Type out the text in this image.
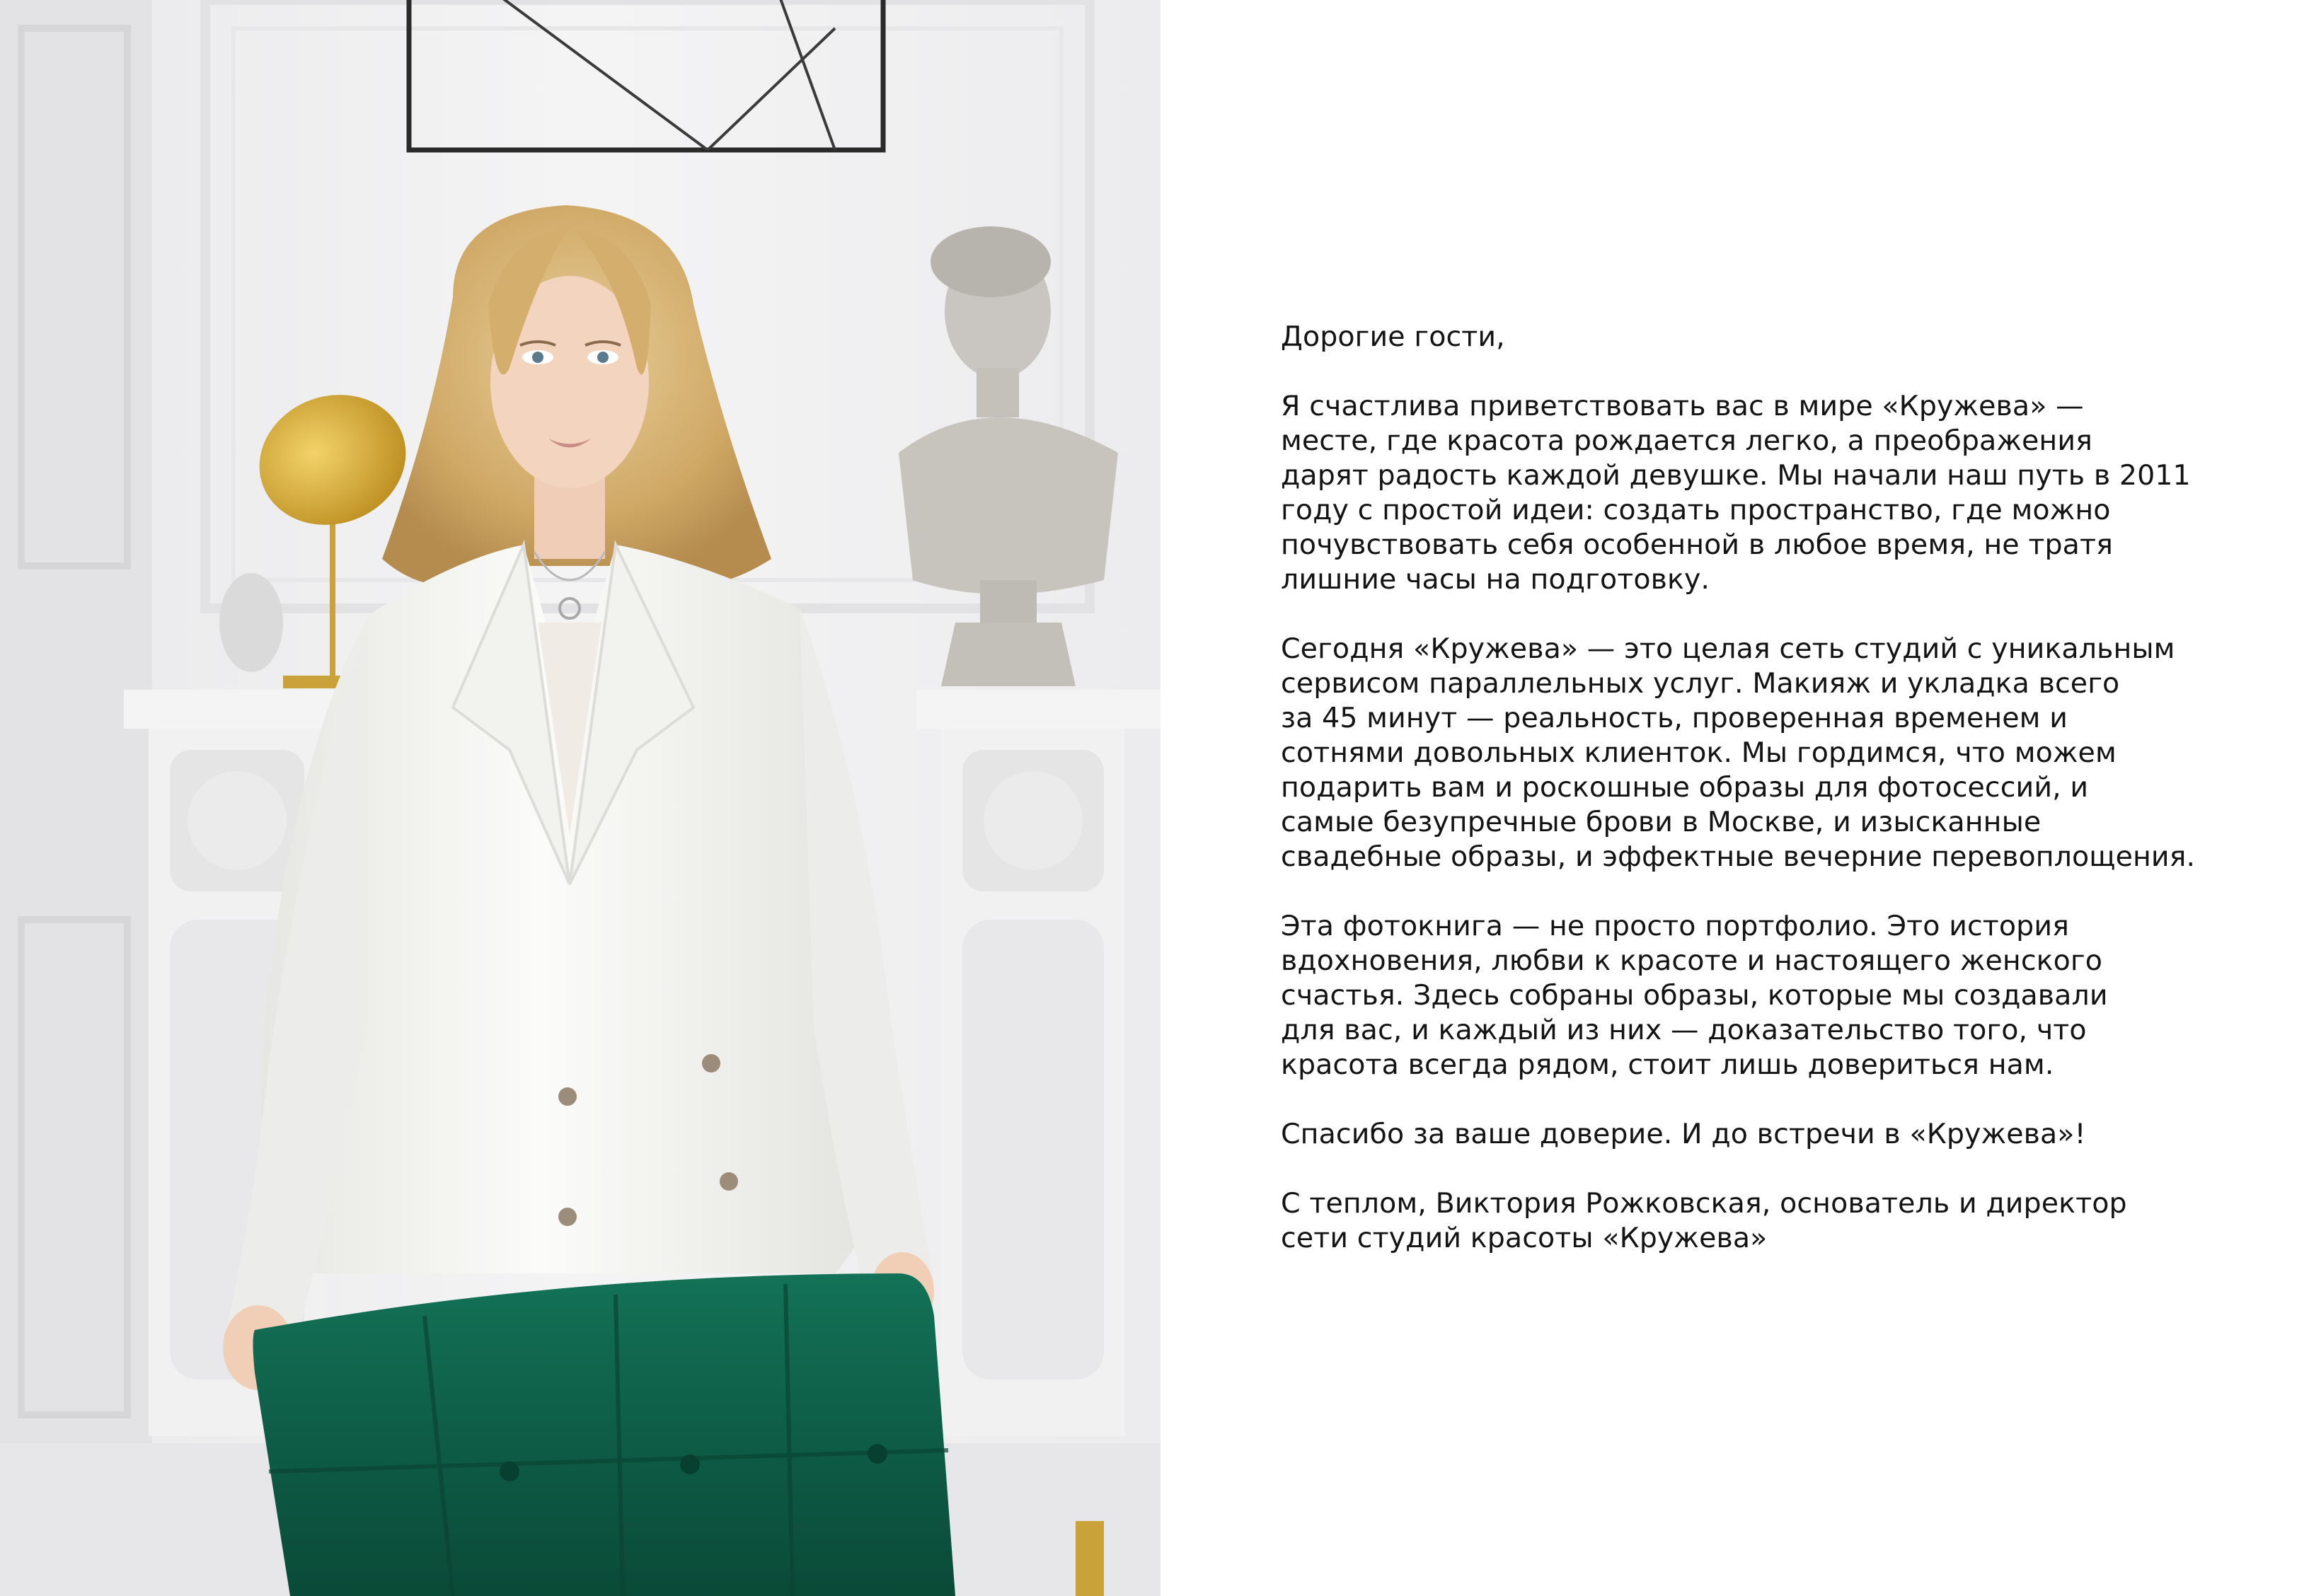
Дорогие гости,

Я счастлива приветствовать вас в мире «Кружева» —
месте, где красота рождается легко, а преображения
дарят радость каждой девушке. Мы начали наш путь в 2011
году с простой идеи: создать пространство, где можно
почувствовать себя особенной в любое время, не тратя
лишние часы на подготовку.

Сегодня «Кружева» — это целая сеть студий с уникальным
сервисом параллельных услуг. Макияж и укладка всего
за 45 минут — реальность, проверенная временем и
сотнями довольных клиенток. Мы гордимся, что можем
подарить вам и роскошные образы для фотосессий, и
самые безупречные брови в Москве, и изысканные
свадебные образы, и эффектные вечерние перевоплощения.

Эта фотокнига — не просто портфолио. Это история
вдохновения, любви к красоте и настоящего женского
счастья. Здесь собраны образы, которые мы создавали
для вас, и каждый из них — доказательство того, что
красота всегда рядом, стоит лишь довериться нам.

Спасибо за ваше доверие. И до встречи в «Кружева»!

С теплом, Виктория Рожковская, основатель и директор
сети студий красоты «Кружева»
